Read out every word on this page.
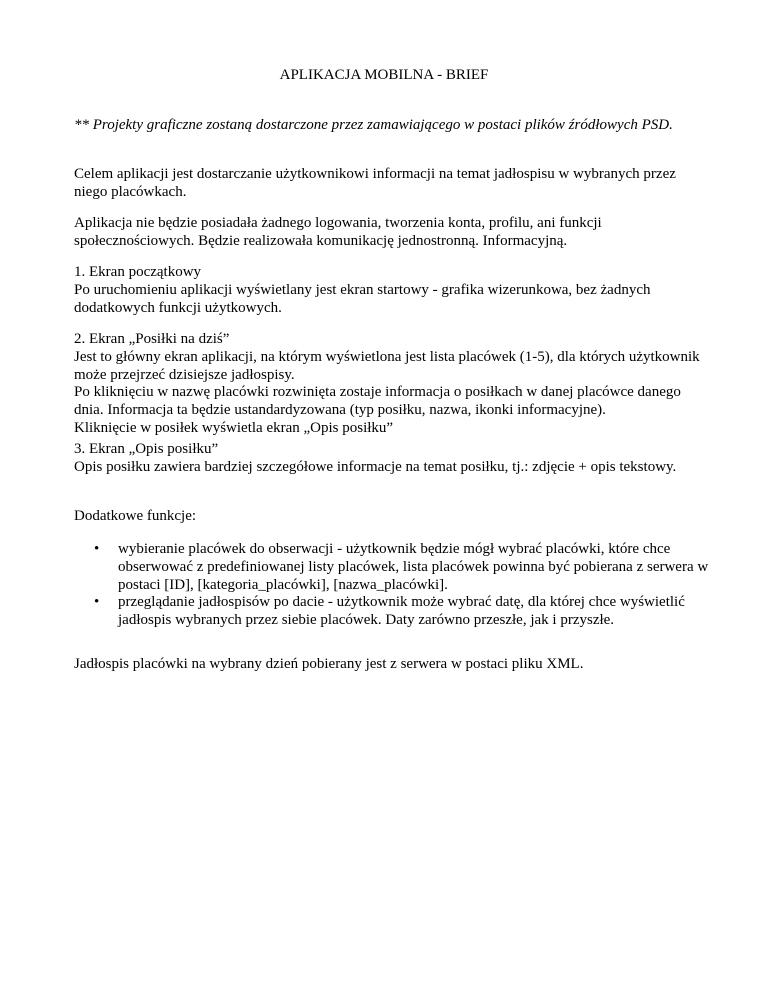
APLIKACJA MOBILNA - BRIEF
** Projekty graficzne zostaną dostarczone przez zamawiającego w postaci plików źródłowych PSD.

Celem aplikacji jest dostarczanie użytkownikowi informacji na temat jadłospisu w wybranych przez niego placówkach.

Aplikacja nie będzie posiadała żadnego logowania, tworzenia konta, profilu, ani funkcji społecznościowych. Będzie realizowała komunikację jednostronną. Informacyjną.

1. Ekran początkowy

Po uruchomieniu aplikacji wyświetlany jest ekran startowy - grafika wizerunkowa, bez żadnych dodatkowych funkcji użytkowych.

2. Ekran „Posiłki na dziś”

Jest to główny ekran aplikacji, na którym wyświetlona jest lista placówek (1-5), dla których użytkownik może przejrzeć dzisiejsze jadłospisy.

Po kliknięciu w nazwę placówki rozwinięta zostaje informacja o posiłkach w danej placówce danego dnia. Informacja ta będzie ustandardyzowana (typ posiłku, nazwa, ikonki informacyjne).

Kliknięcie w posiłek wyświetla ekran „Opis posiłku”

3. Ekran „Opis posiłku”

Opis posiłku zawiera bardziej szczegółowe informacje na temat posiłku, tj.: zdjęcie + opis tekstowy.

Dodatkowe funkcje:
• wybieranie placówek do obserwacji - użytkownik będzie mógł wybrać placówki, które chce obserwować z predefiniowanej listy placówek, lista placówek powinna być pobierana z serwera w postaci [ID], [kategoria_placówki], [nazwa_placówki].
• przeglądanie jadłospisów po dacie - użytkownik może wybrać datę, dla której chce wyświetlić jadłospis wybranych przez siebie placówek. Daty zarówno przeszłe, jak i przyszłe.
Jadłospis placówki na wybrany dzień pobierany jest z serwera w postaci pliku XML.
